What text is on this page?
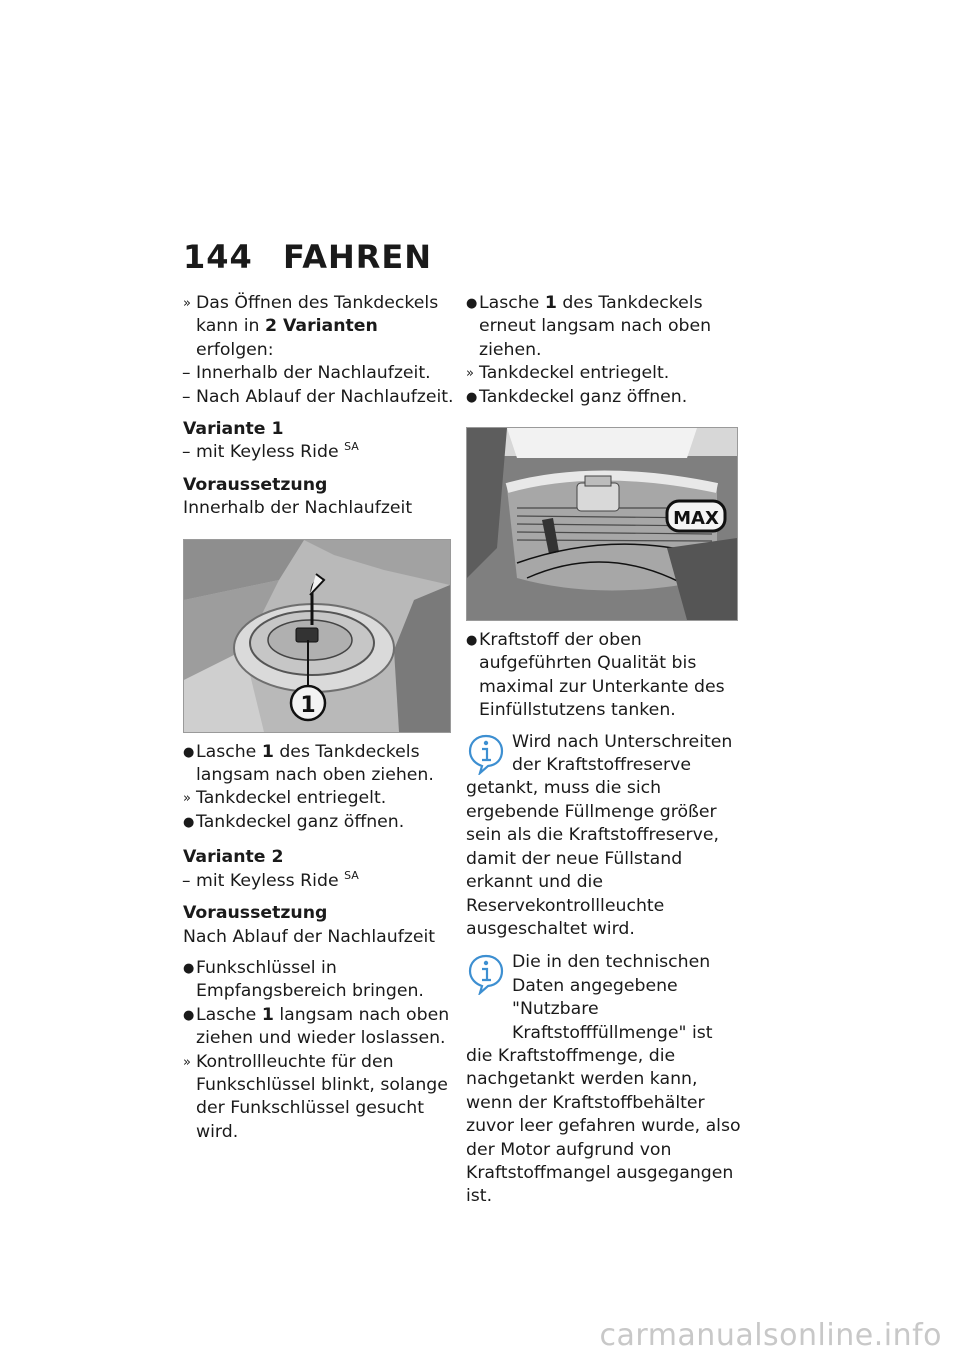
144 FAHREN
» Das Öffnen des Tankdeckels kann in 2 Varianten erfolgen:
– Innerhalb der Nachlaufzeit.
– Nach Ablauf der Nachlaufzeit.
Variante 1
– mit Keyless Ride $^{SA}$
Voraussetzung
Innerhalb der Nachlaufzeit
1
● Lasche 1 des Tankdeckels langsam nach oben ziehen.
» Tankdeckel entriegelt.
● Tankdeckel ganz öffnen.
Variante 2
– mit Keyless Ride $^{SA}$
Voraussetzung
Nach Ablauf der Nachlaufzeit
● Funkschlüssel in Empfangsbereich bringen.
● Lasche 1 langsam nach oben ziehen und wieder loslassen.
» Kontrollleuchte für den Funkschlüssel blinkt, solange der Funkschlüssel gesucht wird.
● Lasche 1 des Tankdeckels erneut langsam nach oben ziehen.
» Tankdeckel entriegelt.
● Tankdeckel ganz öffnen.
MAX
● Kraftstoff der oben aufgeführten Qualität bis maximal zur Unterkante des Einfüllstutzens tanken.
Wird nach Unterschreiten der Kraftstoffreserve
getankt, muss die sich ergebende Füllmenge größer sein als die Kraftstoffreserve, damit der neue Füllstand erkannt und die Reservekontrollleuchte ausgeschaltet wird.
Die in den technischen Daten angegebene "Nutzbare Kraftstofffüllmenge" ist
die Kraftstoffmenge, die nachgetankt werden kann, wenn der Kraftstoffbehälter zuvor leer gefahren wurde, also der Motor aufgrund von Kraftstoffmangel ausgegangen ist.
carmanualsonline.info
